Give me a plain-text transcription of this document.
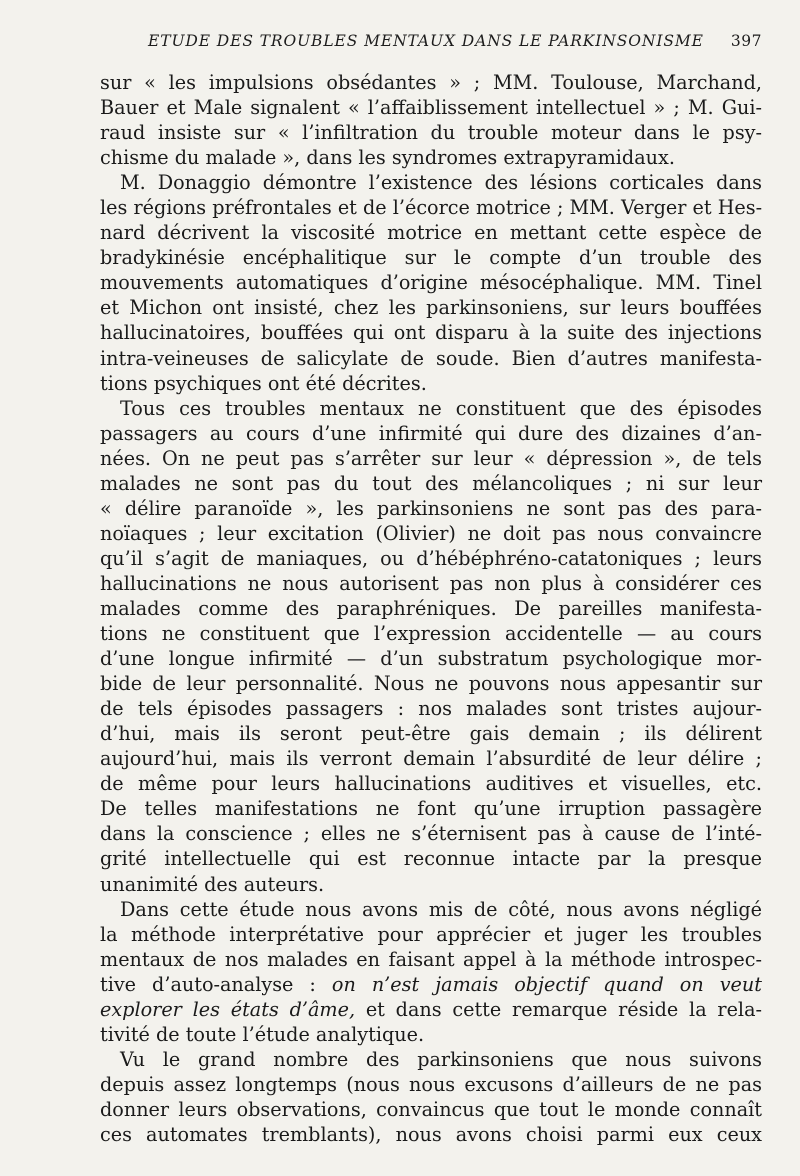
ETUDE DES TROUBLES MENTAUX DANS LE PARKINSONISME 397
sur « les impulsions obsédantes » ; MM. Toulouse, Marchand,
Bauer et Male signalent « l’affaiblissement intellectuel » ; M. Gui-
raud insiste sur « l’infiltration du trouble moteur dans le psy-
chisme du malade », dans les syndromes extrapyramidaux.
M. Donaggio démontre l’existence des lésions corticales dans
les régions préfrontales et de l’écorce motrice ; MM. Verger et Hes-
nard décrivent la viscosité motrice en mettant cette espèce de
bradykinésie encéphalitique sur le compte d’un trouble des
mouvements automatiques d’origine mésocéphalique. MM. Tinel
et Michon ont insisté, chez les parkinsoniens, sur leurs bouffées
hallucinatoires, bouffées qui ont disparu à la suite des injections
intra-veineuses de salicylate de soude. Bien d’autres manifesta-
tions psychiques ont été décrites.
Tous ces troubles mentaux ne constituent que des épisodes
passagers au cours d’une infirmité qui dure des dizaines d’an-
nées. On ne peut pas s’arrêter sur leur « dépression », de tels
malades ne sont pas du tout des mélancoliques ; ni sur leur
« délire paranoïde », les parkinsoniens ne sont pas des para-
noïaques ; leur excitation (Olivier) ne doit pas nous convaincre
qu’il s’agit de maniaques, ou d’hébéphréno-catatoniques ; leurs
hallucinations ne nous autorisent pas non plus à considérer ces
malades comme des paraphréniques. De pareilles manifesta-
tions ne constituent que l’expression accidentelle — au cours
d’une longue infirmité — d’un substratum psychologique mor-
bide de leur personnalité. Nous ne pouvons nous appesantir sur
de tels épisodes passagers : nos malades sont tristes aujour-
d’hui, mais ils seront peut-être gais demain ; ils délirent
aujourd’hui, mais ils verront demain l’absurdité de leur délire ;
de même pour leurs hallucinations auditives et visuelles, etc.
De telles manifestations ne font qu’une irruption passagère
dans la conscience ; elles ne s’éternisent pas à cause de l’inté-
grité intellectuelle qui est reconnue intacte par la presque
unanimité des auteurs.
Dans cette étude nous avons mis de côté, nous avons négligé
la méthode interprétative pour apprécier et juger les troubles
mentaux de nos malades en faisant appel à la méthode introspec-
tive d’auto-analyse : on n’est jamais objectif quand on veut
explorer les états d’âme, et dans cette remarque réside la rela-
tivité de toute l’étude analytique.
Vu le grand nombre des parkinsoniens que nous suivons
depuis assez longtemps (nous nous excusons d’ailleurs de ne pas
donner leurs observations, convaincus que tout le monde connaît
ces automates tremblants), nous avons choisi parmi eux ceux
